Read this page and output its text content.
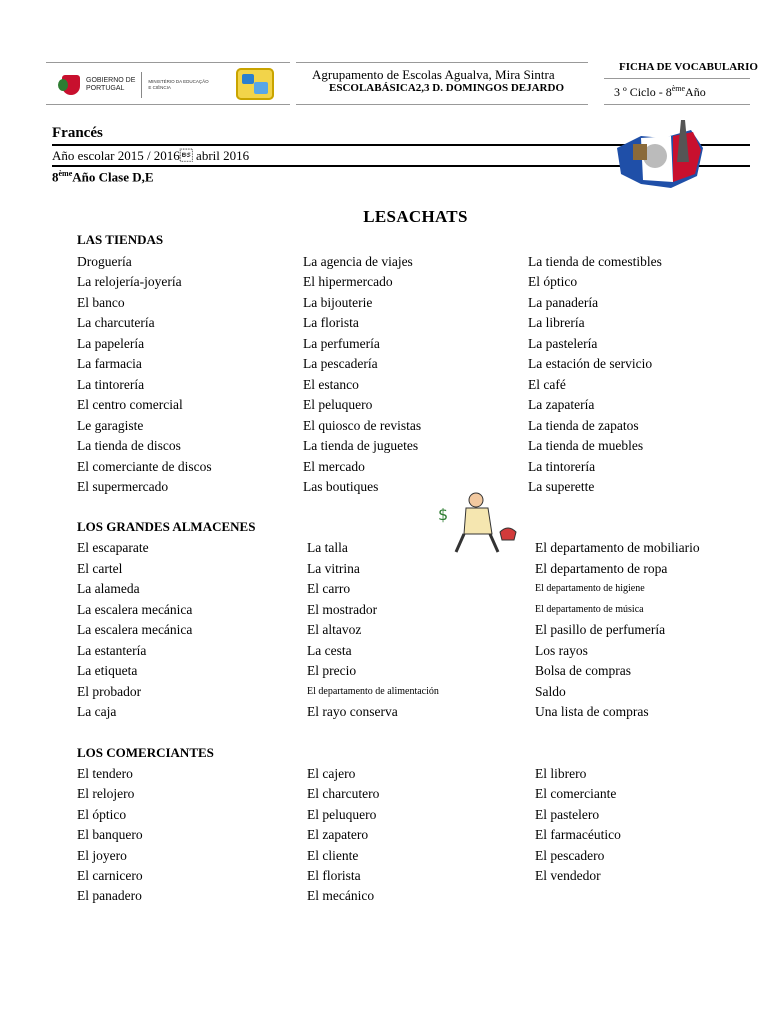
GOBIERNO DE
PORTUGAL
MINISTÉRIO DA EDUCAÇÃO
E CIÊNCIA
Agrupamento de Escolas Agualva, Mira Sintra
ESCOLABÁSICA2,3 D. DOMINGOS DEJARDO
FICHA DE VOCABULARIO
3 º Ciclo - 8èmeAño
Francés
Año escolar 2015 / 2016 abril 2016
8èmeAño Clase D,E
LESACHATS
LAS TIENDAS
Droguería
La relojería-joyería
El banco
La charcutería
La papelería
La farmacia
La tintorería
El centro comercial
Le garagiste
La tienda de discos
El comerciante de discos
El supermercado
La agencia de viajes
El hipermercado
La bijouterie
La florista
La perfumería
La pescadería
El estanco
El peluquero
El quiosco de revistas
La tienda de juguetes
El mercado
Las boutiques
La tienda de comestibles
El óptico
La panadería
La librería
La pastelería
La estación de servicio
El café
La zapatería
La tienda de zapatos
La tienda de muebles
La tintorería
La superette
LOS GRANDES ALMACENES
El escaparate
El cartel
La alameda
La escalera mecánica
La escalera mecánica
La estantería
La etiqueta
El probador
La caja
La talla
La vitrina
El carro
El mostrador
El altavoz
La cesta
El precio
El departamento de alimentación
El rayo conserva
El departamento de mobiliario
El departamento de ropa
El departamento de higiene
El departamento de música
El pasillo de perfumería
Los rayos
Bolsa de compras
Saldo
Una lista de compras
LOS COMERCIANTES
El tendero
El relojero
El óptico
El banquero
El joyero
El carnicero
El panadero
El cajero
El charcutero
El peluquero
El zapatero
El cliente
El florista
El mecánico
El librero
El comerciante
El pastelero
El farmacéutico
El pescadero
El vendedor
$
